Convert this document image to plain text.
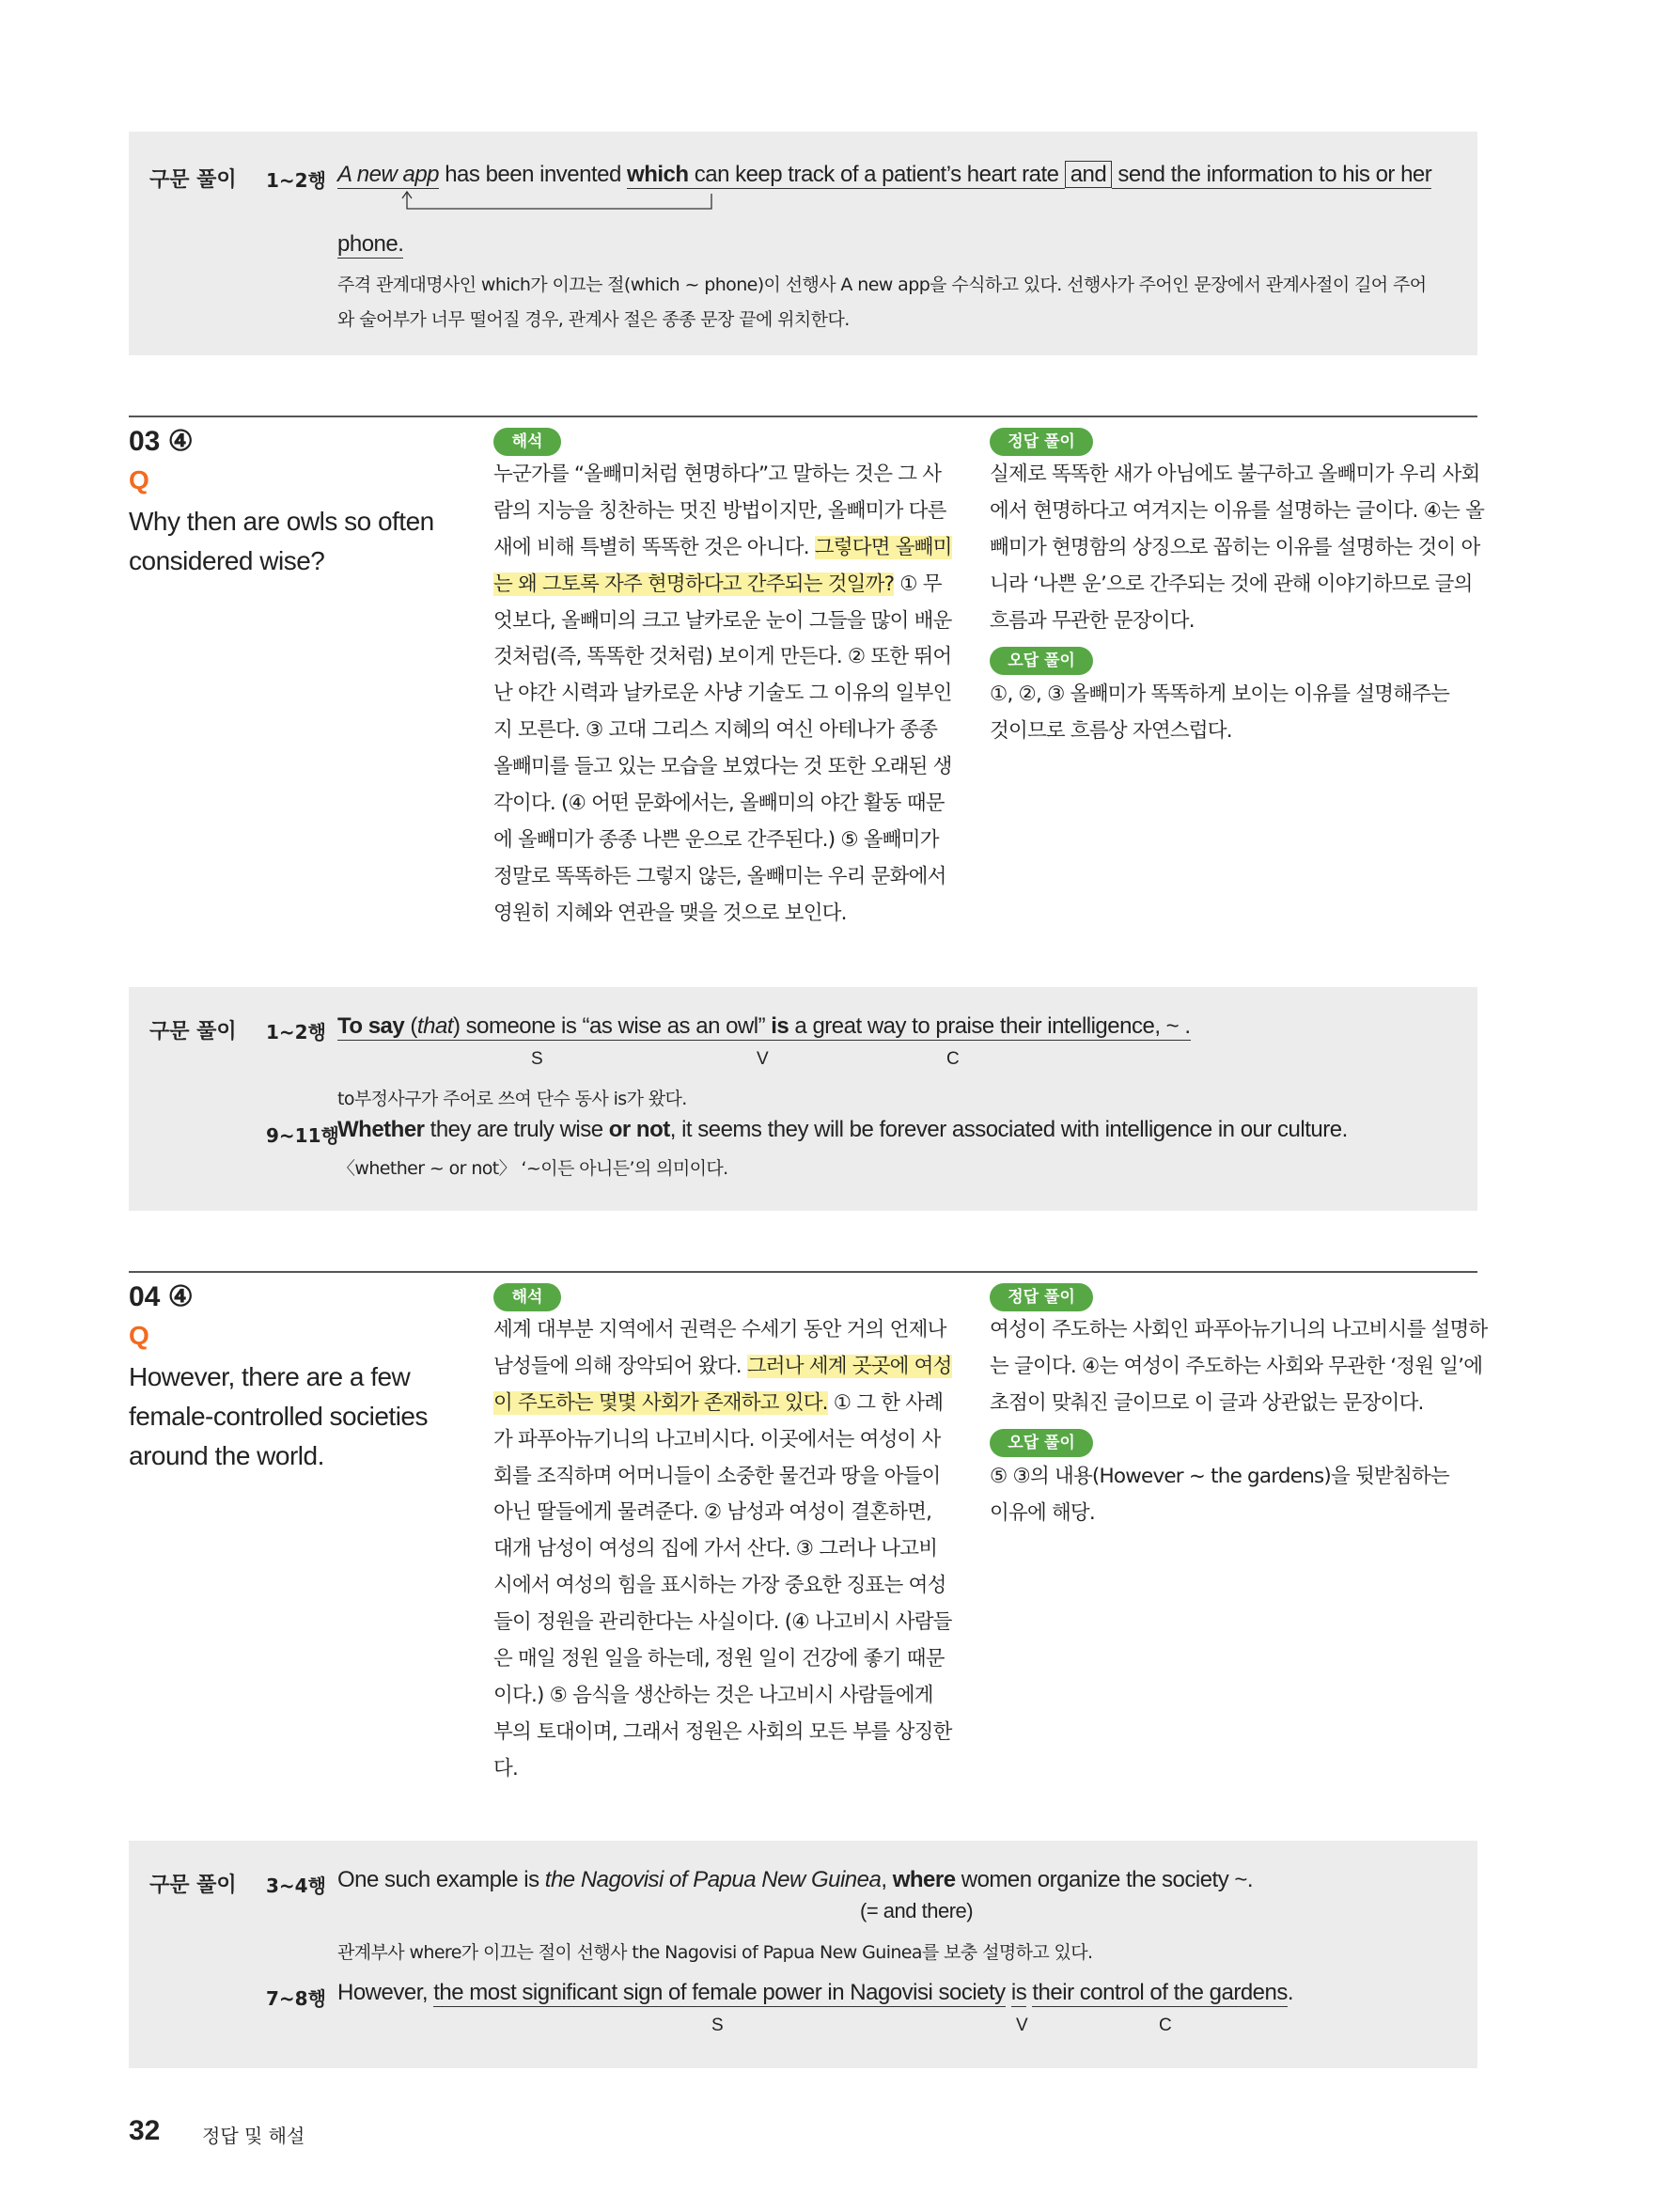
구문 풀이 1~2행 A new app has been invented which can keep track of a patient’s heart rate and send the information to his or her
phone.
주격 관계대명사인 which가 이끄는 절(which ~ phone)이 선행사 A new app을 수식하고 있다. 선행사가 주어인 문장에서 관계사절이 길어 주어
와 술어부가 너무 떨어질 경우, 관계사 절은 종종 문장 끝에 위치한다.
03 ④
Q
Why then are owls so often considered wise?
해석
누군가를 “올빼미처럼 현명하다”고 말하는 것은 그 사
람의 지능을 칭찬하는 멋진 방법이지만, 올빼미가 다른
새에 비해 특별히 똑똑한 것은 아니다. 그렇다면 올빼미
는 왜 그토록 자주 현명하다고 간주되는 것일까? ① 무
엇보다, 올빼미의 크고 날카로운 눈이 그들을 많이 배운
것처럼(즉, 똑똑한 것처럼) 보이게 만든다. ② 또한 뛰어
난 야간 시력과 날카로운 사냥 기술도 그 이유의 일부인
지 모른다. ③ 고대 그리스 지혜의 여신 아테나가 종종
올빼미를 들고 있는 모습을 보였다는 것 또한 오래된 생
각이다. (④ 어떤 문화에서는, 올빼미의 야간 활동 때문
에 올빼미가 종종 나쁜 운으로 간주된다.) ⑤ 올빼미가
정말로 똑똑하든 그렇지 않든, 올빼미는 우리 문화에서
영원히 지혜와 연관을 맺을 것으로 보인다.
정답 풀이
실제로 똑똑한 새가 아님에도 불구하고 올빼미가 우리 사회
에서 현명하다고 여겨지는 이유를 설명하는 글이다. ④는 올
빼미가 현명함의 상징으로 꼽히는 이유를 설명하는 것이 아
니라 ‘나쁜 운’으로 간주되는 것에 관해 이야기하므로 글의
흐름과 무관한 문장이다.
오답 풀이
①, ②, ③ 올빼미가 똑똑하게 보이는 이유를 설명해주는
것이므로 흐름상 자연스럽다.
구문 풀이 1~2행 To say (that) someone is “as wise as an owl” is a great way to praise their intelligence, ~ .
S	V	C
to부정사구가 주어로 쓰여 단수 동사 is가 왔다.
9~11행
Whether they are truly wise or not, it seems they will be forever associated with intelligence in our culture.
〈whether ~ or not〉 ‘~이든 아니든’의 의미이다.
04 ④
Q
However, there are a few female-controlled societies around the world.
해석
세계 대부분 지역에서 권력은 수세기 동안 거의 언제나
남성들에 의해 장악되어 왔다. 그러나 세계 곳곳에 여성
이 주도하는 몇몇 사회가 존재하고 있다. ① 그 한 사례
가 파푸아뉴기니의 나고비시다. 이곳에서는 여성이 사
회를 조직하며 어머니들이 소중한 물건과 땅을 아들이
아닌 딸들에게 물려준다. ② 남성과 여성이 결혼하면,
대개 남성이 여성의 집에 가서 산다. ③ 그러나 나고비
시에서 여성의 힘을 표시하는 가장 중요한 징표는 여성
들이 정원을 관리한다는 사실이다. (④ 나고비시 사람들
은 매일 정원 일을 하는데, 정원 일이 건강에 좋기 때문
이다.) ⑤ 음식을 생산하는 것은 나고비시 사람들에게
부의 토대이며, 그래서 정원은 사회의 모든 부를 상징한
다.
정답 풀이
여성이 주도하는 사회인 파푸아뉴기니의 나고비시를 설명하
는 글이다. ④는 여성이 주도하는 사회와 무관한 ‘정원 일’에
초점이 맞춰진 글이므로 이 글과 상관없는 문장이다.
오답 풀이
⑤ ③의 내용(However ~ the gardens)을 뒷받침하는
이유에 해당.
구문 풀이 3~4행 One such example is the Nagovisi of Papua New Guinea, where women organize the society ~.
(= and there)
관계부사 where가 이끄는 절이 선행사 the Nagovisi of Papua New Guinea를 보충 설명하고 있다.
7~8행 However, the most significant sign of female power in Nagovisi society is their control of the gardens.
S	V	C
32 정답 및 해설
